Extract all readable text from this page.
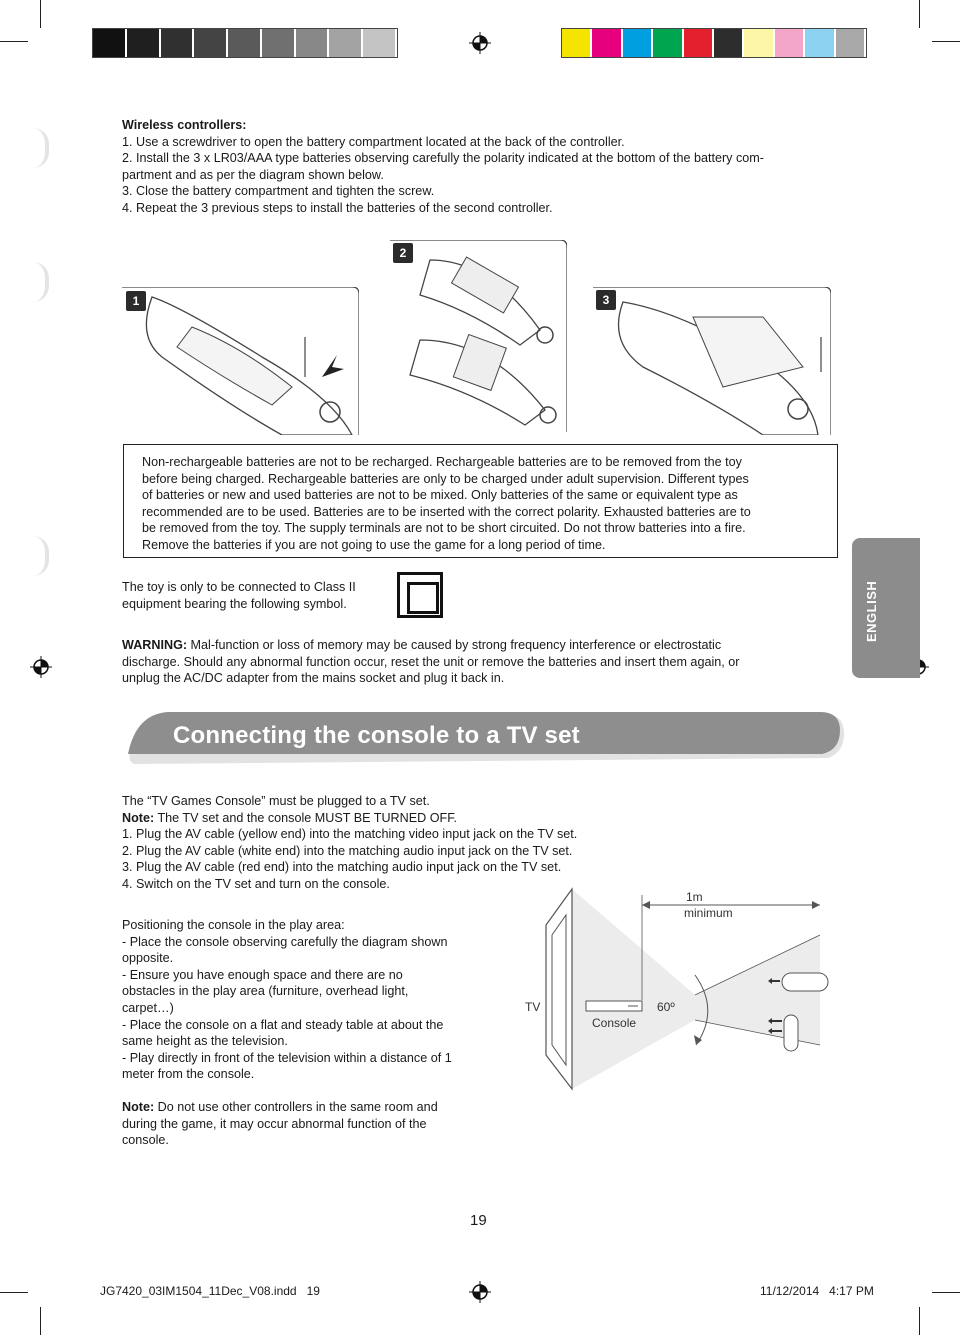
Wireless controllers:
1. Use a screwdriver to open the battery compartment located at the back of the controller.
2. Install the 3 x LR03/AAA type batteries observing carefully the polarity indicated at the bottom of the battery com-
partment and as per the diagram shown below.
3. Close the battery compartment and tighten the screw.
4. Repeat the 3 previous steps to install the batteries of the second controller.
1
2
3

Non-rechargeable batteries are not to be recharged. Rechargeable batteries are to be removed from the toy
before being charged. Rechargeable batteries are only to be charged under adult supervision. Different types
of batteries or new and used batteries are not to be mixed. Only batteries of the same or equivalent type as
recommended are to be used. Batteries are to be inserted with the correct polarity. Exhausted batteries are to
be removed from the toy. The supply terminals are not to be short circuited. Do not throw batteries into a fire.
Remove the batteries if you are not going to use the game for a long period of time.

ENGLISH
The toy is only to be connected to Class II
equipment bearing the following symbol.
WARNING: Mal-function or loss of memory may be caused by strong frequency interference or electrostatic
discharge. Should any abnormal function occur, reset the unit or remove the batteries and insert them again, or
unplug the AC/DC adapter from the mains socket and plug it back in.
Connecting the console to a TV set
The “TV Games Console” must be plugged to a TV set.
Note: The TV set and the console MUST BE TURNED OFF.
1. Plug the AV cable (yellow end) into the matching video input jack on the TV set.
2. Plug the AV cable (white end) into the matching audio input jack on the TV set.
3. Plug the AV cable (red end) into the matching audio input jack on the TV set.
4. Switch on the TV set and turn on the console.
Positioning the console in the play area:
- Place the console observing carefully the diagram shown
opposite.
- Ensure you have enough space and there are no
obstacles in the play area (furniture, overhead light,
carpet…)
- Place the console on a flat and steady table at about the
same height as the television.
- Play directly in front of the television within a distance of 1
meter from the console.
Note: Do not use other controllers in the same room and
during the game, it may occur abnormal function of the
console.
1m
minimum
TV
Console
60º
19
JG7420_03IM1504_11Dec_V08.indd   19	11/12/2014   4:17 PM
